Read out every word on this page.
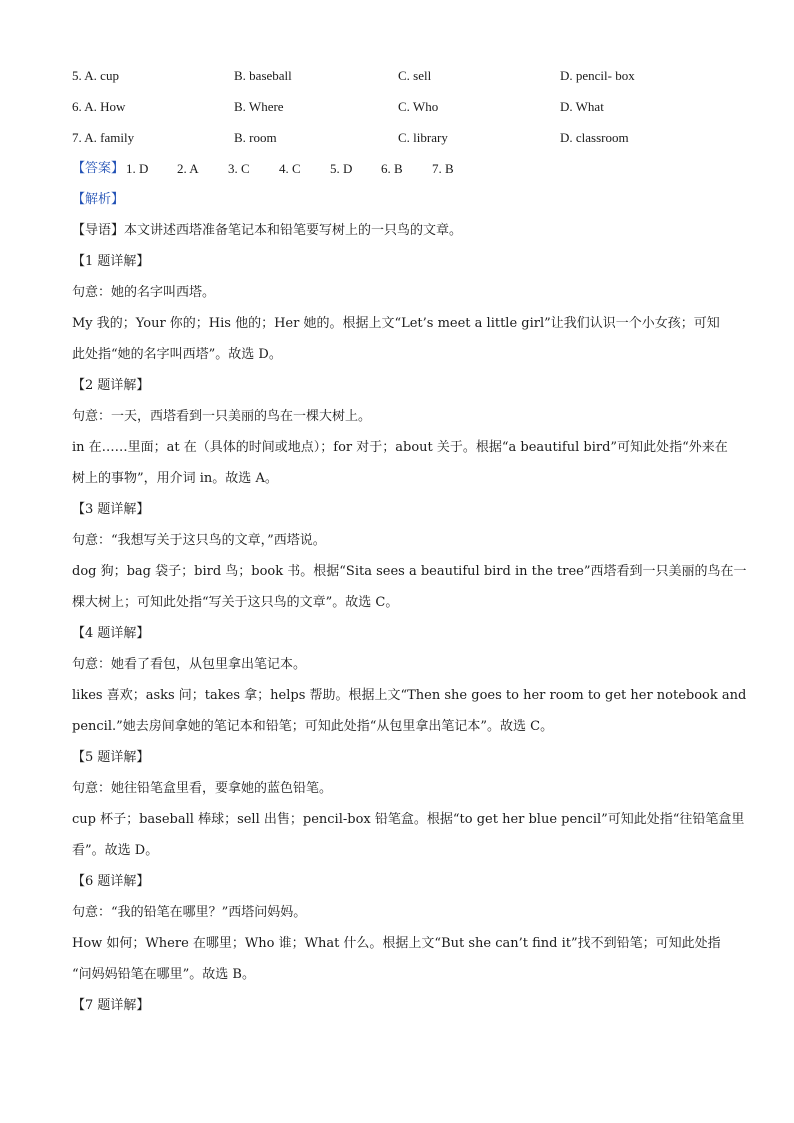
5. A. cup	B. baseball	C. sell	D. pencil- box
6. A. How	B. Where	C. Who	D. What
7. A. family	B. room	C. library	D. classroom
【答案】 1. D	2. A	3. C	4. C	5. D	6. B	7. B
【解析】
【导语】本文讲述西塔准备笔记本和铅笔要写树上的一只鸟的文章。
【1 题详解】
句意：她的名字叫西塔。
My 我的；Your 你的；His 他的；Her 她的。根据上文“Let’s meet a little girl”让我们认识一个小女孩；可知
此处指“她的名字叫西塔”。故选 D。
【2 题详解】
句意：一天，西塔看到一只美丽的鸟在一棵大树上。
in 在……里面；at 在（具体的时间或地点）；for 对于；about 关于。根据“a beautiful bird”可知此处指“外来在
树上的事物”，用介词 in。故选 A。
【3 题详解】
句意：“我想写关于这只鸟的文章，”西塔说。
dog 狗；bag 袋子；bird 鸟；book 书。根据“Sita sees a beautiful bird in the tree”西塔看到一只美丽的鸟在一
棵大树上；可知此处指“写关于这只鸟的文章”。故选 C。
【4 题详解】
句意：她看了看包，从包里拿出笔记本。
likes 喜欢；asks 问；takes 拿；helps 帮助。根据上文“Then she goes to her room to get her notebook and
pencil.”她去房间拿她的笔记本和铅笔；可知此处指“从包里拿出笔记本”。故选 C。
【5 题详解】
句意：她往铅笔盒里看，要拿她的蓝色铅笔。
cup 杯子；baseball 棒球；sell 出售；pencil-box 铅笔盒。根据“to get her blue pencil”可知此处指“往铅笔盒里
看”。故选 D。
【6 题详解】
句意：“我的铅笔在哪里？”西塔问妈妈。
How 如何；Where 在哪里；Who 谁；What 什么。根据上文“But she can’t find it”找不到铅笔；可知此处指
“问妈妈铅笔在哪里”。故选 B。
【7 题详解】
